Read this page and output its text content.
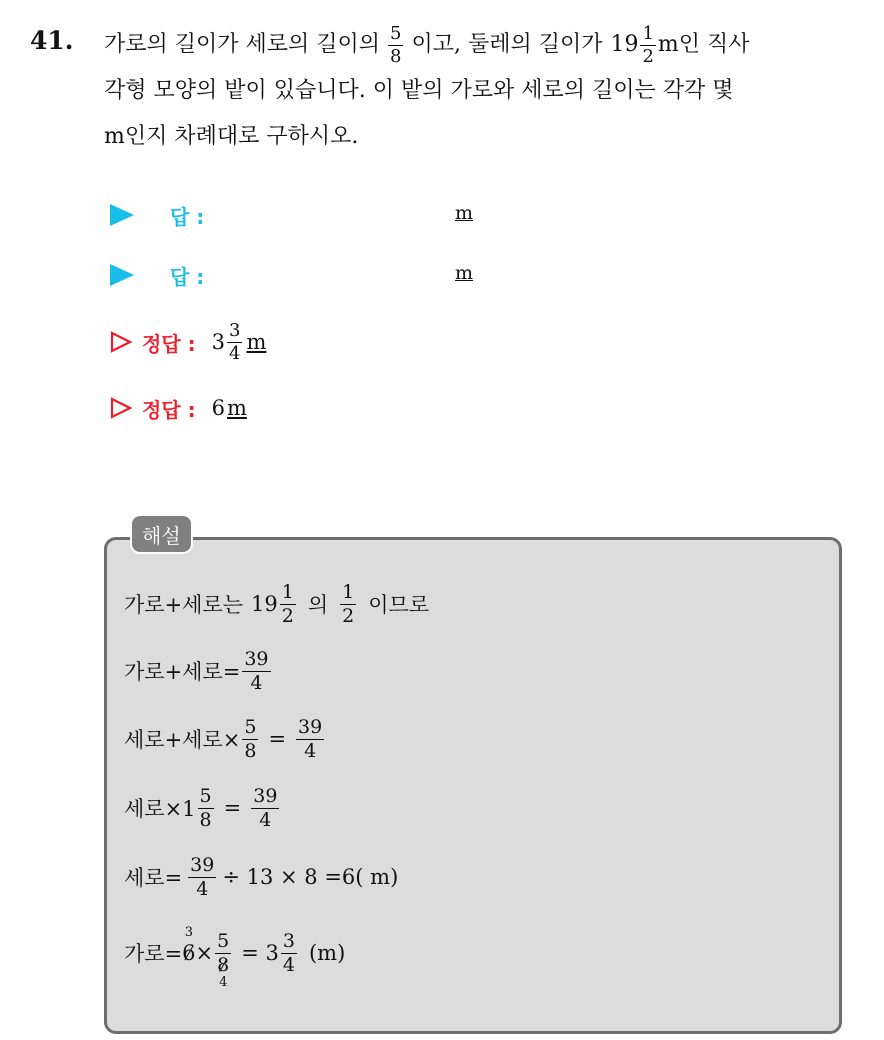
41. 가로의 길이가 세로의 길이의 $\frac{5}{8}$ 이고, 둘레의 길이가 $19 \frac{1}{2}$ m인 직사
각형 모양의 밭이 있습니다. 이 밭의 가로와 세로의 길이는 각각 몇
m인지 차례대로 구하시오.
답 :	m
답 :	m
정답 : $3 \frac{3}{4}$ m
정답 : 6 m
해설
가로+세로는 $19 \frac{1}{2}$ 의 $\frac{1}{2}$ 이므로
가로+세로= $\frac{39}{4}$
세로+세로× $\frac{5}{8} = \frac{39}{4}$
세로$\times 1 \frac{5}{8} = \frac{39}{4}$
세로= $\frac{39}{4} \div 13 \times 8 =6$( m)
가로=
3
6 × 5
8
$4 = 3 \frac{3}{4} (m)$
